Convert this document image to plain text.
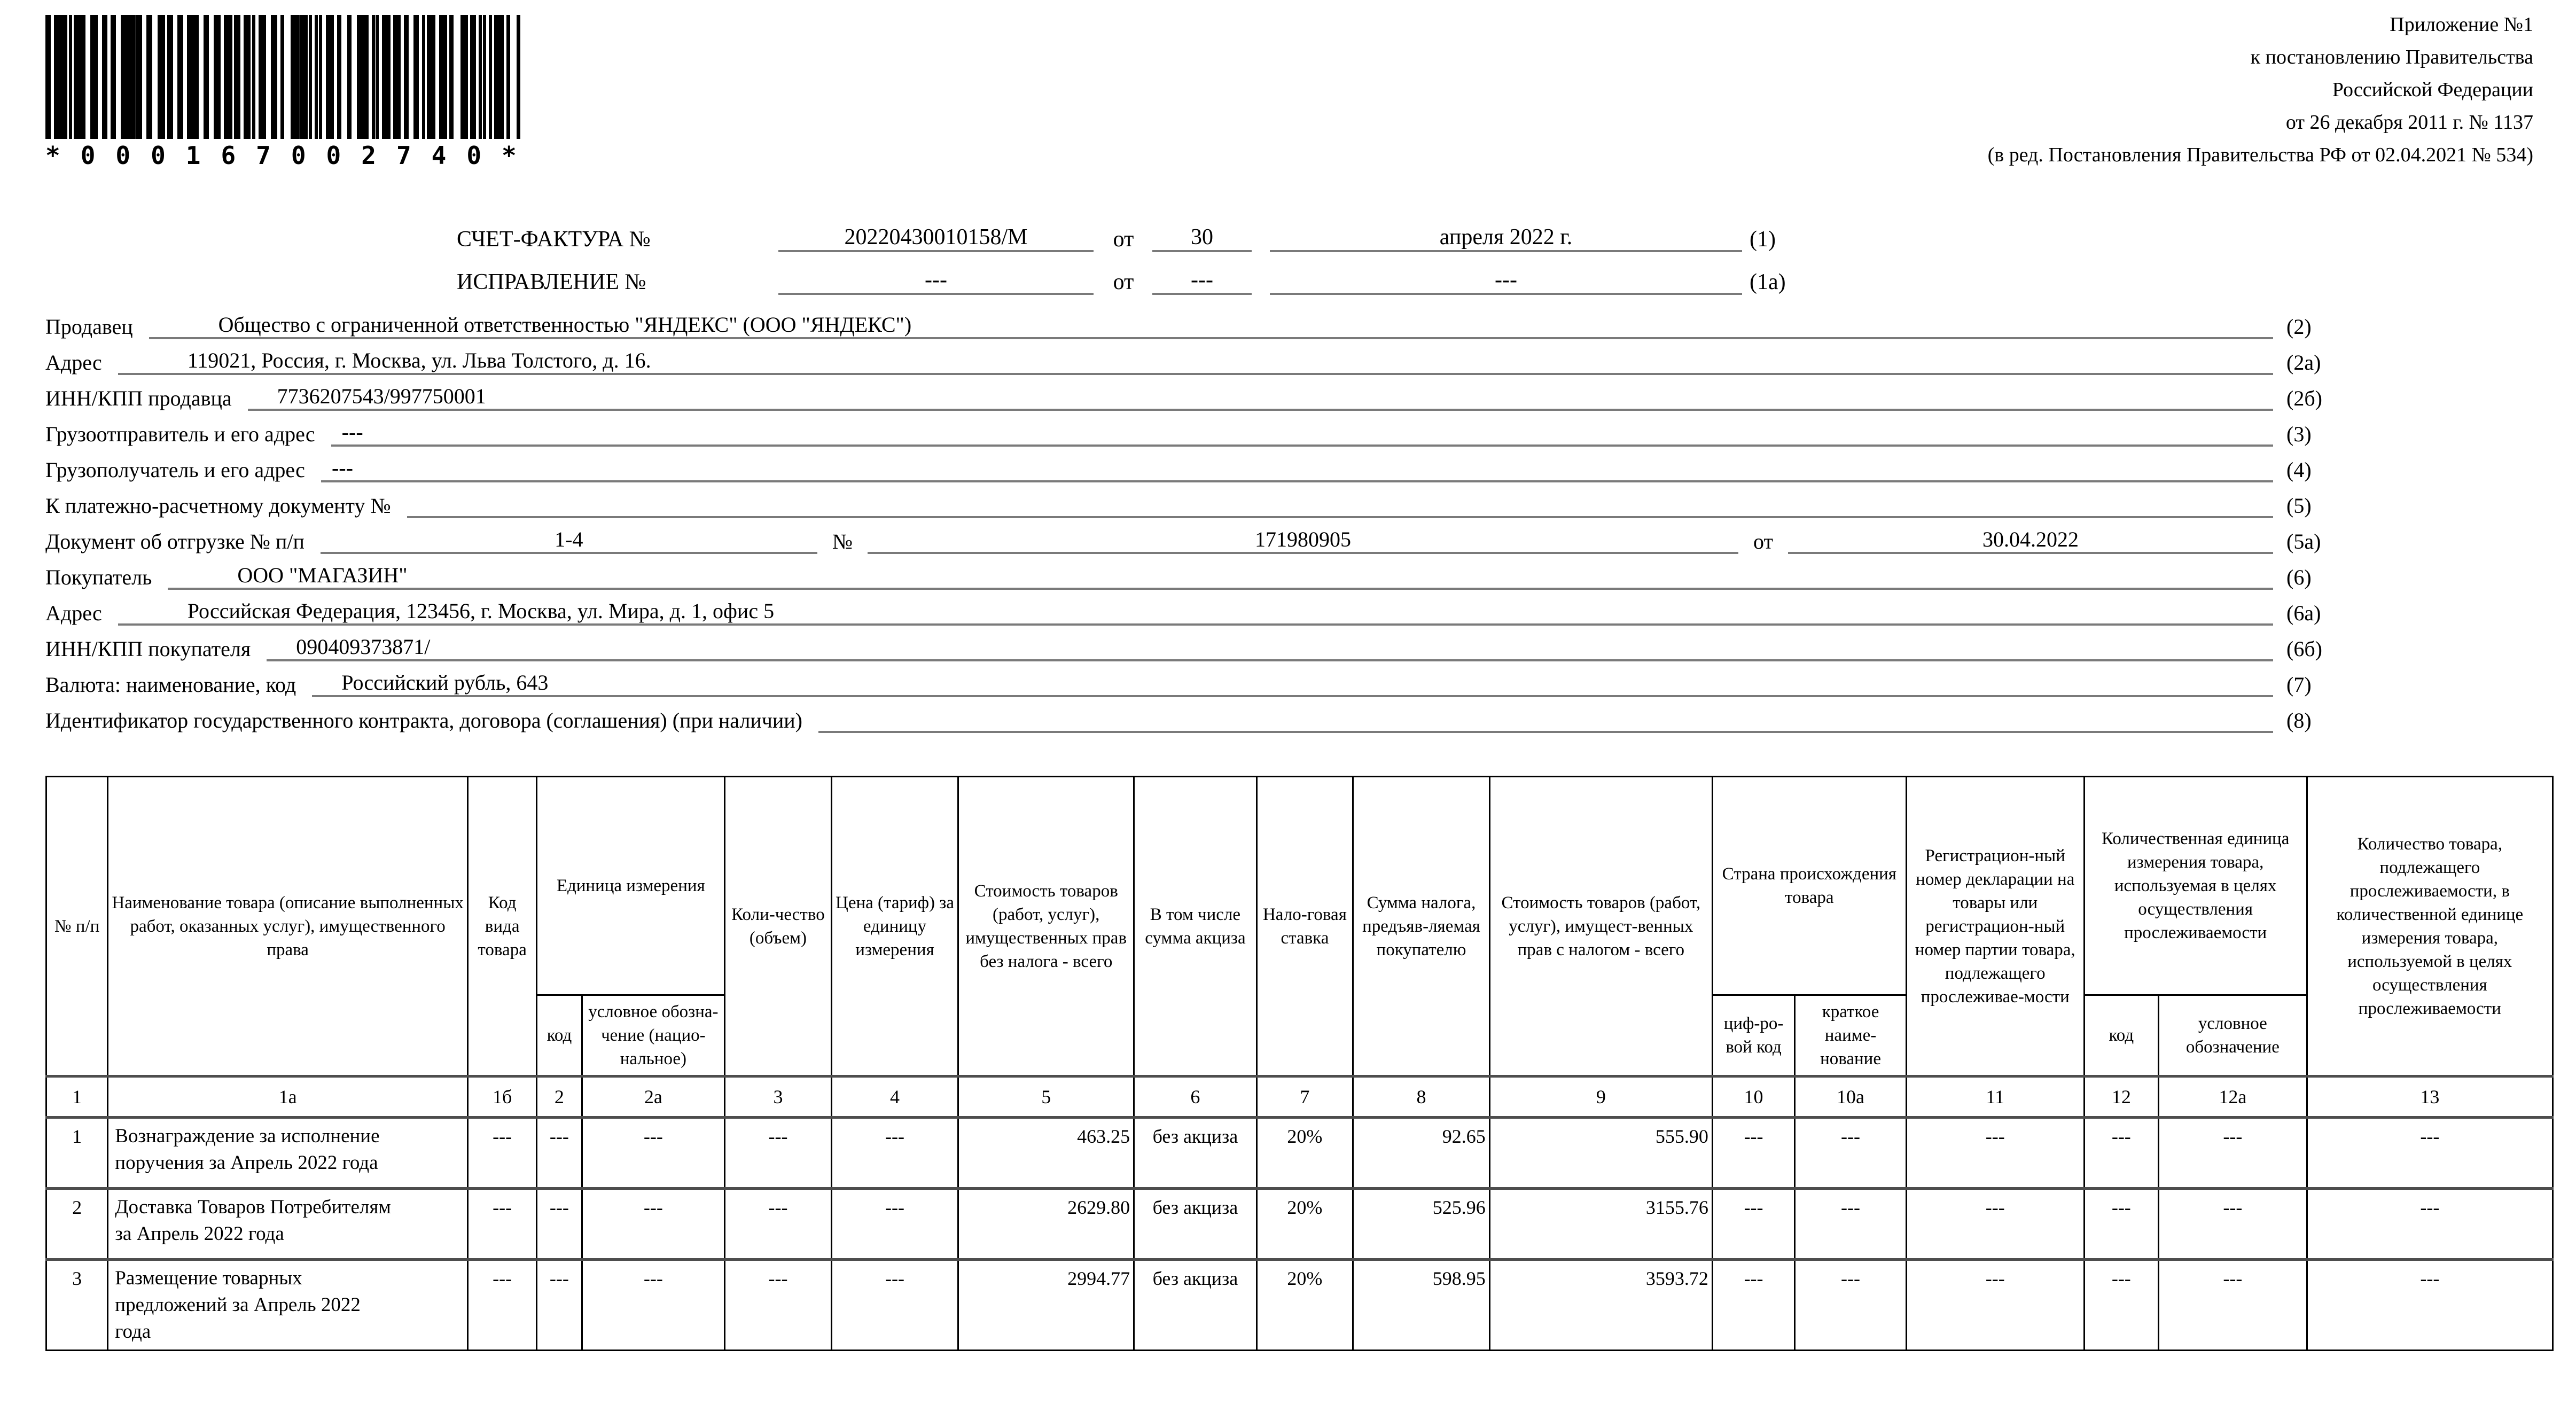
*000167002740*
Приложение №1
к постановлению Правительства
Российской Федерации
от 26 декабря 2011 г. № 1137
(в ред. Постановления Правительства РФ от 02.04.2021 № 534)
СЧЕТ-ФАКТУРА №	20220430010158/М	от	30	апреля 2022 г.	(1)
ИСПРАВЛЕНИЕ №	---	от	---	---	(1а)
Продавец	Общество с ограниченной ответственностью "ЯНДЕКС" (ООО "ЯНДЕКС")	(2)
Адрес	119021, Россия, г. Москва, ул. Льва Толстого, д. 16.	(2а)
ИНН/КПП продавца	7736207543/997750001	(2б)
Грузоотправитель и его адрес	---	(3)
Грузополучатель и его адрес	---	(4)
К платежно-расчетному документу №	(5)
Документ об отгрузке № п/п	1-4	№	171980905	от	30.04.2022	(5а)
Покупатель	ООО "МАГАЗИН"	(6)
Адрес	Российская Федерация, 123456, г. Москва, ул. Мира, д. 1, офис 5	(6а)
ИНН/КПП покупателя	090409373871/	(6б)
Валюта: наименование, код	Российский рубль, 643	(7)
Идентификатор государственного контракта, договора (соглашения) (при наличии)	(8)
№ п/п	Наименование товара (описание выполненных работ, оказанных услуг), имущественного права	Код вида товара	Единица измерения		Коли-чество (объем)	Цена (тариф) за единицу измерения	Стоимость товаров (работ, услуг), имущественных прав без налога - всего	В том числе сумма акциза	Нало-говая ставка	Сумма налога, предъяв-ляемая покупателю	Стоимость товаров (работ, услуг), имущест-венных прав с налогом - всего	Страна происхождения товара		Регистрацион-ный номер декларации на товары или регистрацион-ный номер партии товара, подлежащего прослеживае-мости	Количественная единица измерения товара, используемая в целях осуществления прослеживаемости		Количество товара, подлежащего прослеживаемости, в количественной единице измерения товара, используемой в целях осуществления прослеживаемости
			код	условное обозна-чение (нацио-нальное)								циф-ро-вой код	краткое наиме-нование		код	условное обозначение	
1	1а	1б	2	2а	3	4	5	6	7	8	9	10	10а	11	12	12а	13
1	Вознаграждение за исполнение поручения за Апрель 2022 года	---	---	---	---	---	463.25	без акциза	20%	92.65	555.90	---	---	---	---	---	---
2	Доставка Товаров Потребителям за Апрель 2022 года	---	---	---	---	---	2629.80	без акциза	20%	525.96	3155.76	---	---	---	---	---	---
3	Размещение товарных предложений за Апрель 2022 года	---	---	---	---	---	2994.77	без акциза	20%	598.95	3593.72	---	---	---	---	---	---
